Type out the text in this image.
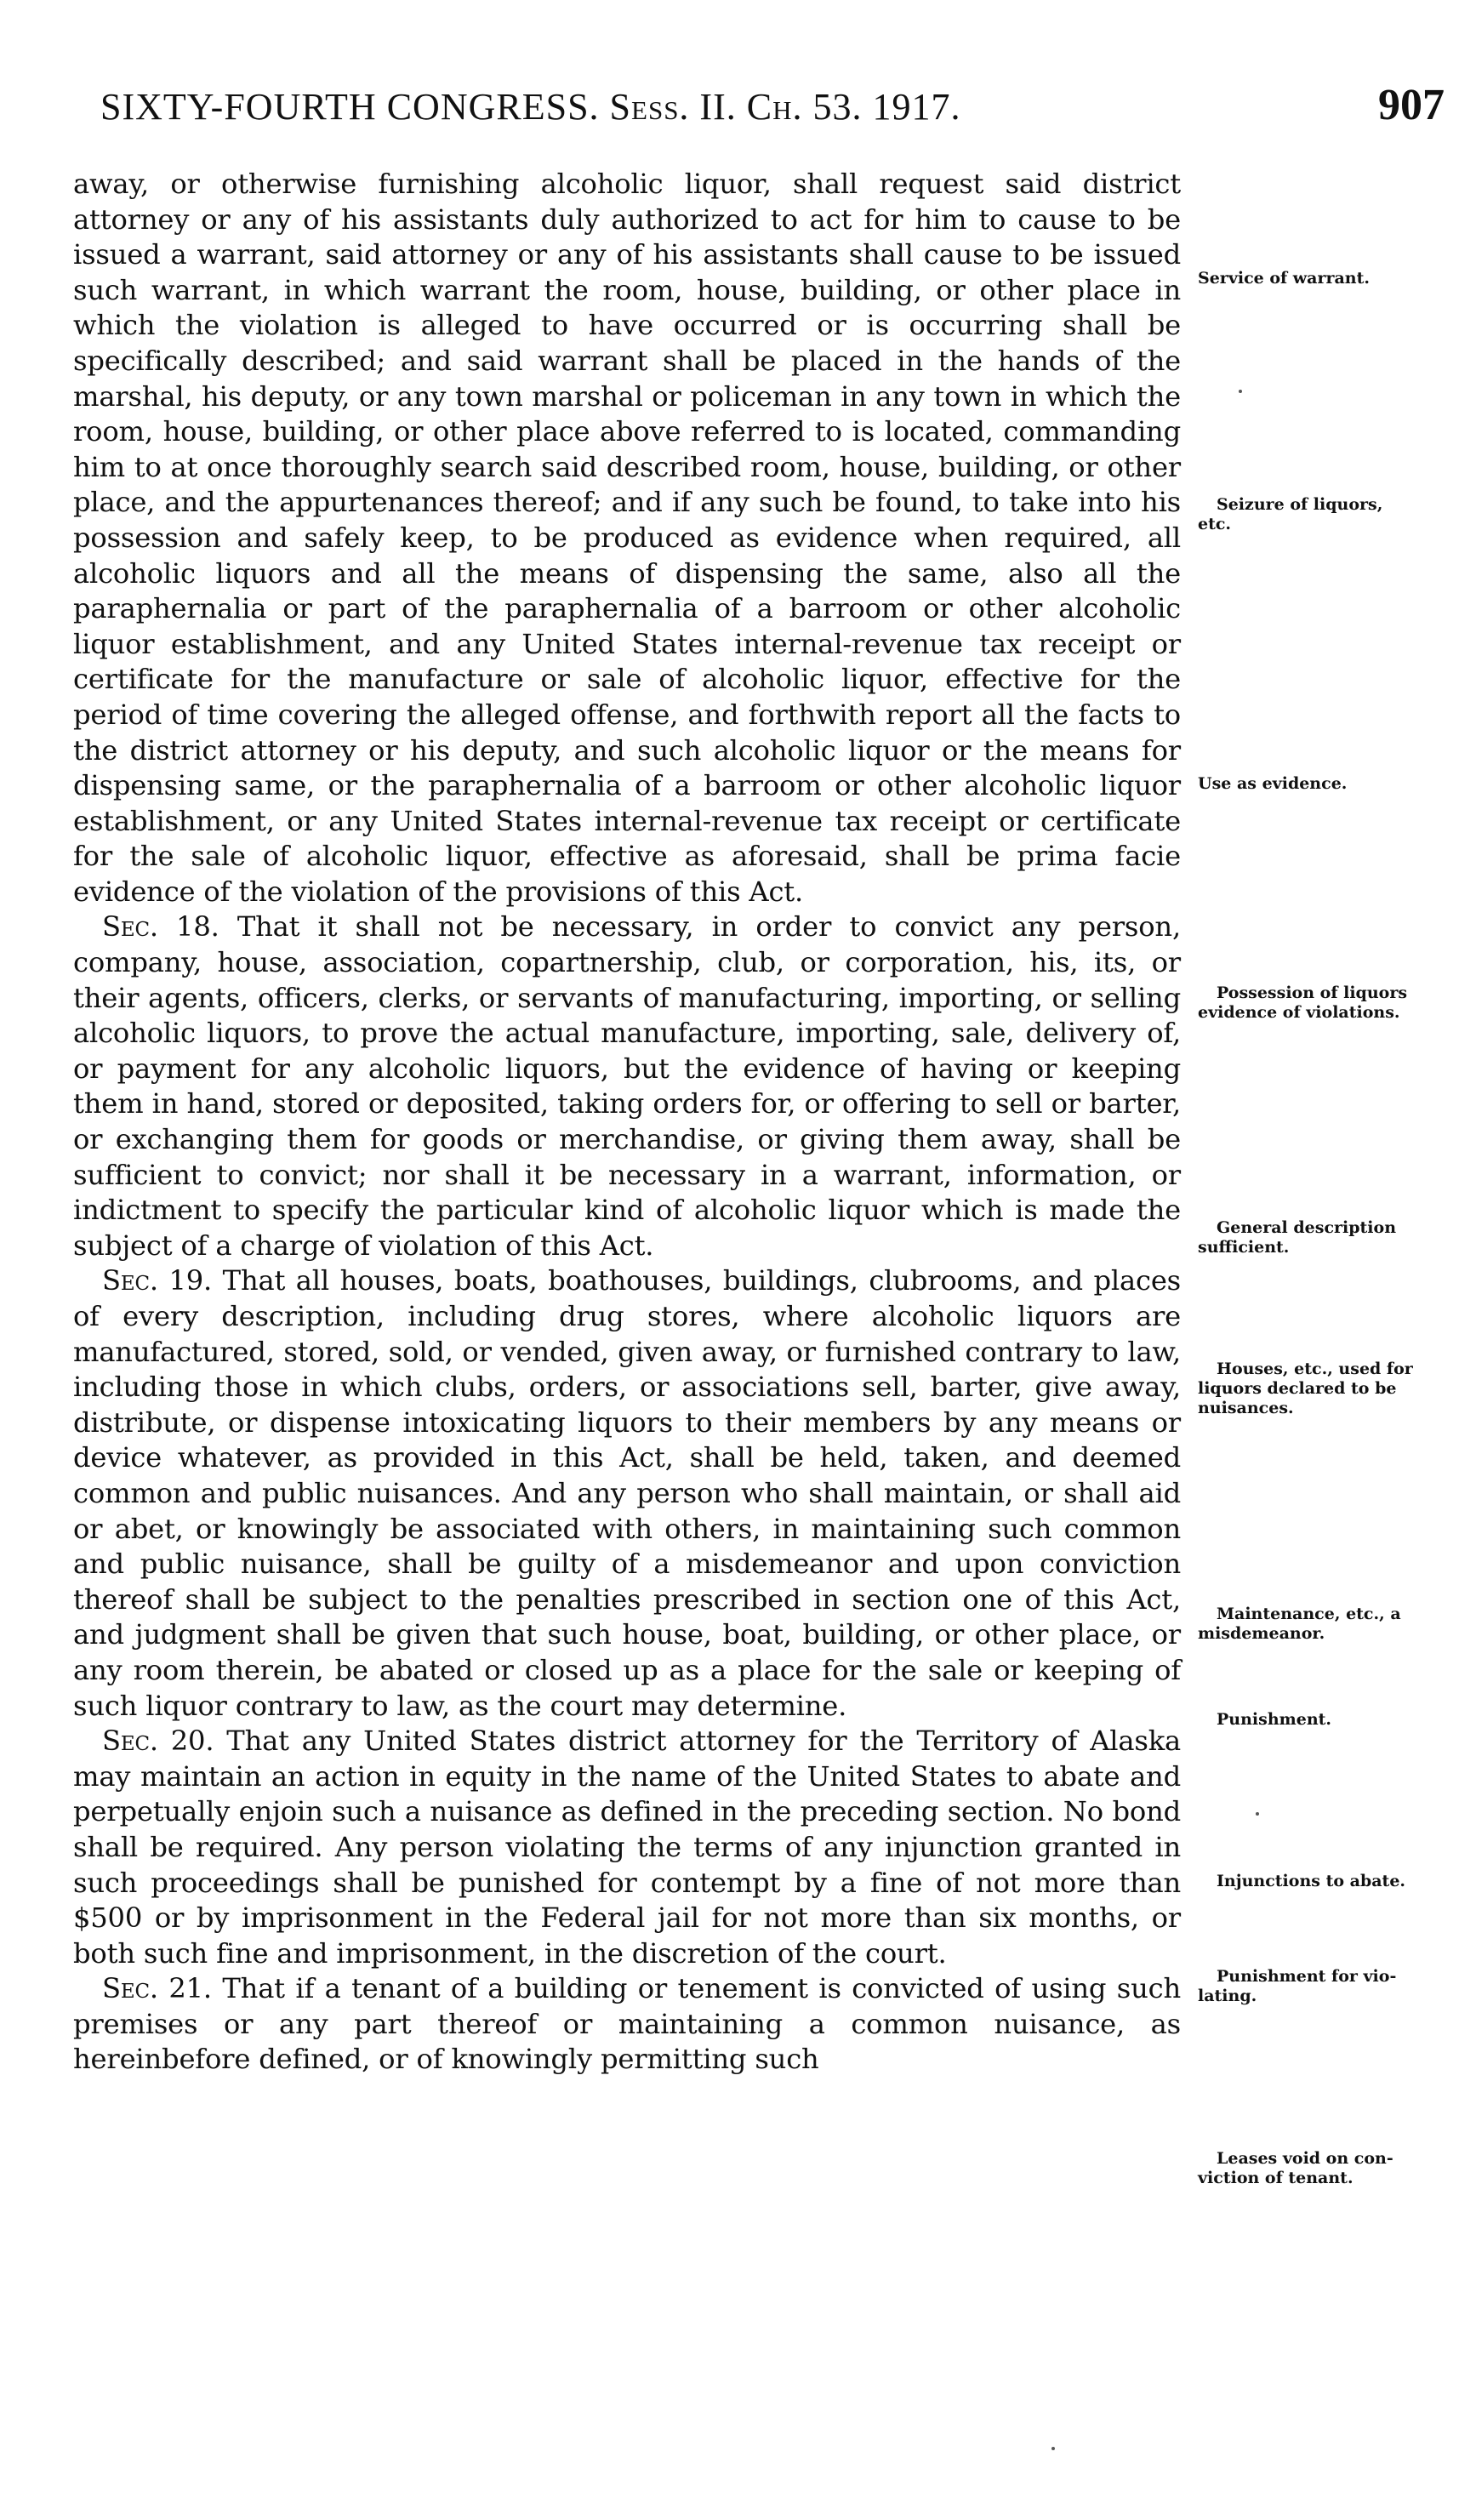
SIXTY-FOURTH CONGRESS. Sess. II. Ch. 53. 1917.	907

away, or otherwise furnishing alcoholic liquor, shall request said district attorney or any of his assistants duly authorized to act for him to cause to be issued a warrant, said attorney or any of his assistants shall cause to be issued such warrant, in which warrant the room, house, building, or other place in which the violation is alleged to have occurred or is occurring shall be specifically described; and said warrant shall be placed in the hands of the marshal, his deputy, or any town marshal or policeman in any town in which the room, house, building, or other place above referred to is located, commanding him to at once thoroughly search said described room, house, building, or other place, and the appurtenances thereof; and if any such be found, to take into his possession and safely keep, to be produced as evidence when required, all alcoholic liquors and all the means of dispensing the same, also all the paraphernalia or part of the paraphernalia of a barroom or other alcoholic liquor establishment, and any United States internal-revenue tax receipt or certificate for the manufacture or sale of alcoholic liquor, effective for the period of time covering the alleged offense, and forthwith report all the facts to the district attorney or his deputy, and such alcoholic liquor or the means for dispensing same, or the paraphernalia of a barroom or other alcoholic liquor establishment, or any United States internal-revenue tax receipt or certificate for the sale of alcoholic liquor, effective as aforesaid, shall be prima facie evidence of the violation of the provisions of this Act.

Sec. 18. That it shall not be necessary, in order to convict any person, company, house, association, copartnership, club, or corporation, his, its, or their agents, officers, clerks, or servants of manufacturing, importing, or selling alcoholic liquors, to prove the actual manufacture, importing, sale, delivery of, or payment for any alcoholic liquors, but the evidence of having or keeping them in hand, stored or deposited, taking orders for, or offering to sell or barter, or exchanging them for goods or merchandise, or giving them away, shall be sufficient to convict; nor shall it be necessary in a warrant, information, or indictment to specify the particular kind of alcoholic liquor which is made the subject of a charge of violation of this Act.

Sec. 19. That all houses, boats, boathouses, buildings, clubrooms, and places of every description, including drug stores, where alcoholic liquors are manufactured, stored, sold, or vended, given away, or furnished contrary to law, including those in which clubs, orders, or associations sell, barter, give away, distribute, or dispense intoxicating liquors to their members by any means or device whatever, as provided in this Act, shall be held, taken, and deemed common and public nuisances. And any person who shall maintain, or shall aid or abet, or knowingly be associated with others, in maintaining such common and public nuisance, shall be guilty of a misdemeanor and upon conviction thereof shall be subject to the penalties prescribed in section one of this Act, and judgment shall be given that such house, boat, building, or other place, or any room therein, be abated or closed up as a place for the sale or keeping of such liquor contrary to law, as the court may determine.

Sec. 20. That any United States district attorney for the Territory of Alaska may maintain an action in equity in the name of the United States to abate and perpetually enjoin such a nuisance as defined in the preceding section. No bond shall be required. Any person violating the terms of any injunction granted in such proceedings shall be punished for contempt by a fine of not more than $500 or by imprisonment in the Federal jail for not more than six months, or both such fine and imprisonment, in the discretion of the court.

Sec. 21. That if a tenant of a building or tenement is convicted of using such premises or any part thereof or maintaining a common nuisance, as hereinbefore defined, or of knowingly permitting such

Service of warrant.
Seizure of liquors,
etc.
Use as evidence.
Possession of liquors
evidence of violations.
General description
sufficient.
Houses, etc., used for
liquors declared to be nuisances.
Maintenance, etc., a
misdemeanor.
Punishment.
Injunctions to abate.
Punishment for vio-
lating.
Leases void on con-
viction of tenant.
